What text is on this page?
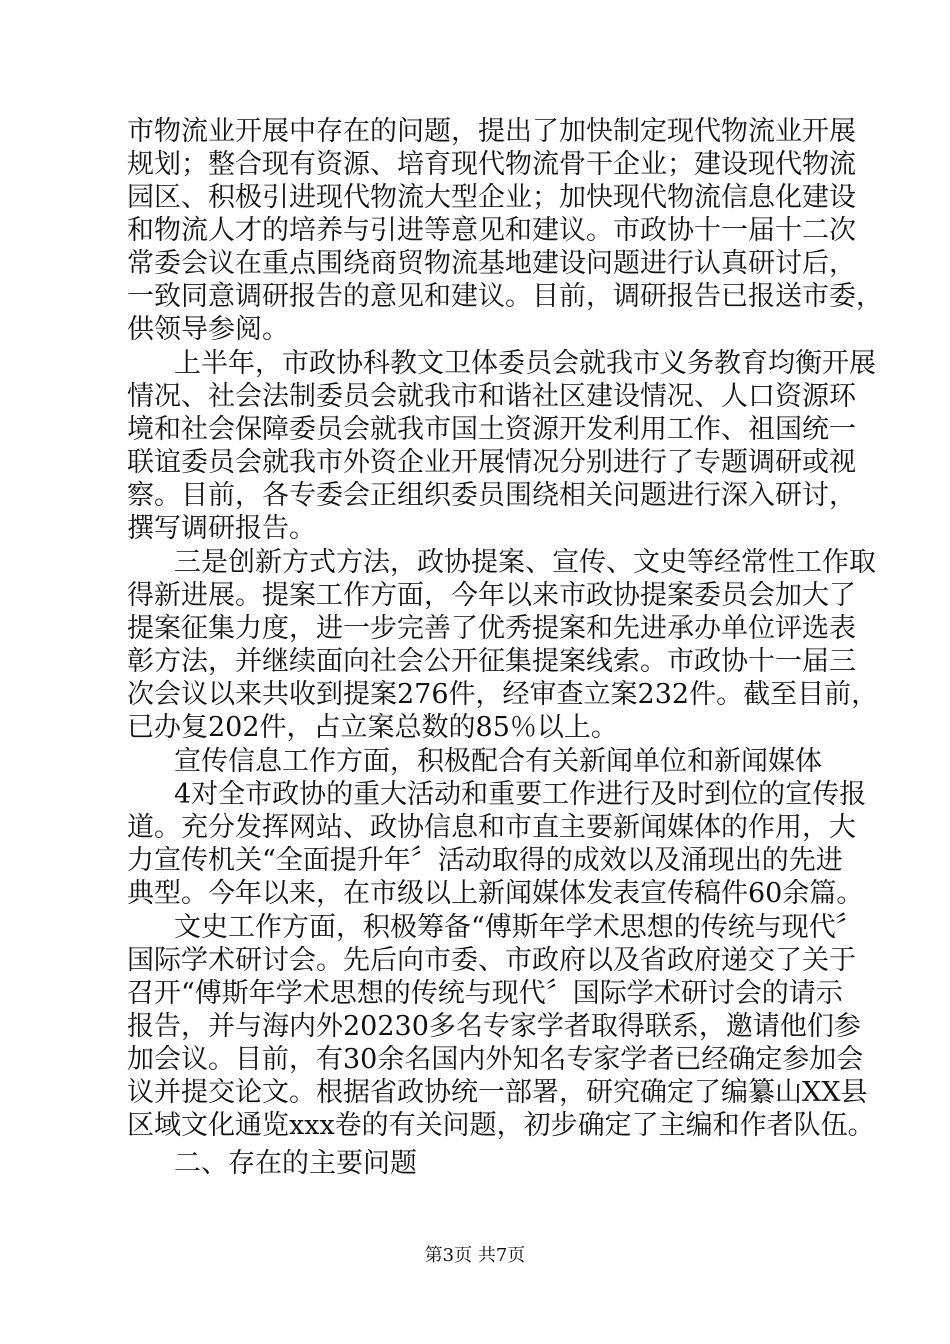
市物流业开展中存在的问题，提出了加快制定现代物流业开展
规划；整合现有资源、培育现代物流骨干企业；建设现代物流
园区、积极引进现代物流大型企业；加快现代物流信息化建设
和物流人才的培养与引进等意见和建议。市政协十一届十二次
常委会议在重点围绕商贸物流基地建设问题进行认真研讨后，
一致同意调研报告的意见和建议。目前，调研报告已报送市委，
供领导参阅。
上半年，市政协科教文卫体委员会就我市义务教育均衡开展
情况、社会法制委员会就我市和谐社区建设情况、人口资源环
境和社会保障委员会就我市国土资源开发利用工作、祖国统一
联谊委员会就我市外资企业开展情况分别进行了专题调研或视
察。目前，各专委会正组织委员围绕相关问题进行深入研讨，
撰写调研报告。
三是创新方式方法，政协提案、宣传、文史等经常性工作取
得新进展。提案工作方面，今年以来市政协提案委员会加大了
提案征集力度，进一步完善了优秀提案和先进承办单位评选表
彰方法，并继续面向社会公开征集提案线索。市政协十一届三
次会议以来共收到提案276件，经审查立案232件。截至目前，
已办复202件，占立案总数的85％以上。
宣传信息工作方面，积极配合有关新闻单位和新闻媒体
4对全市政协的重大活动和重要工作进行及时到位的宣传报
道。充分发挥网站、政协信息和市直主要新闻媒体的作用，大
力宣传机关“全面提升年〞活动取得的成效以及涌现出的先进
典型。今年以来，在市级以上新闻媒体发表宣传稿件60余篇。
文史工作方面，积极筹备“傅斯年学术思想的传统与现代〞
国际学术研讨会。先后向市委、市政府以及省政府递交了关于
召开“傅斯年学术思想的传统与现代〞国际学术研讨会的请示
报告，并与海内外20230多名专家学者取得联系，邀请他们参
加会议。目前，有30余名国内外知名专家学者已经确定参加会
议并提交论文。根据省政协统一部署，研究确定了编纂山XX县
二、存在的主要问题
第3页 共7页
区域文化通览xxx卷的有关问题，初步确定了主编和作者队伍。
